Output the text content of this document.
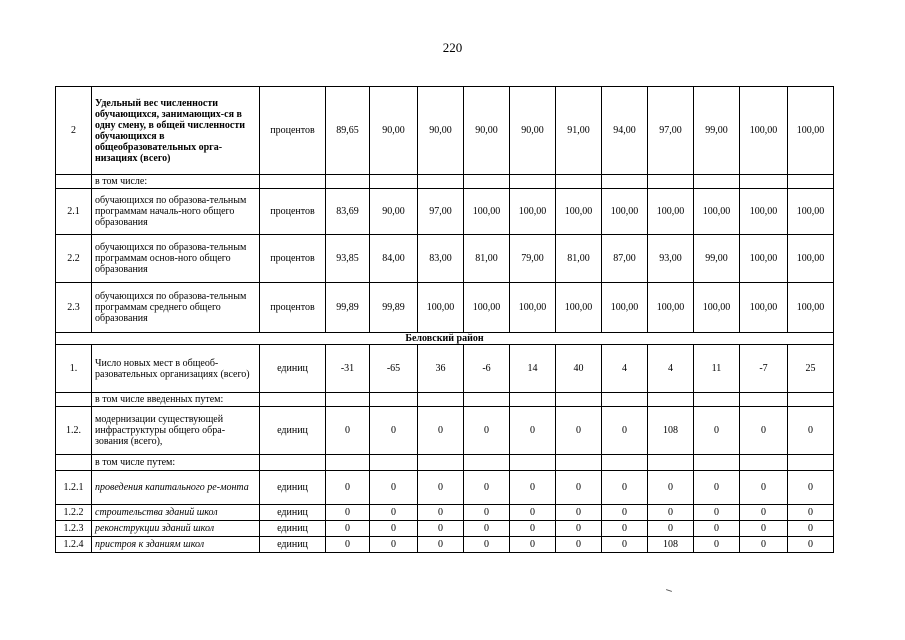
220
2	Удельный вес численности обучающихся, занимающих-ся в одну смену, в общей численности обучающихся в общеобразовательных орга-низациях (всего)	процентов	89,65	90,00	90,00	90,00	90,00	91,00	94,00	97,00	99,00	100,00	100,00
	в том числе:												
2.1	обучающихся по образова-тельным программам началь-ного общего образования	процентов	83,69	90,00	97,00	100,00	100,00	100,00	100,00	100,00	100,00	100,00	100,00
2.2	обучающихся по образова-тельным программам основ-ного общего образования	процентов	93,85	84,00	83,00	81,00	79,00	81,00	87,00	93,00	99,00	100,00	100,00
2.3	обучающихся по образова-тельным программам среднего общего образования	процентов	99,89	99,89	100,00	100,00	100,00	100,00	100,00	100,00	100,00	100,00	100,00
Беловский район													
1.	Число новых мест в общеоб-разовательных организациях (всего)	единиц	-31	-65	36	-6	14	40	4	4	11	-7	25
	в том числе введенных путем:												
1.2.	модернизации существующей инфраструктуры общего обра-зования (всего),	единиц	0	0	0	0	0	0	0	108	0	0	0
	в том числе путем:												
1.2.1	проведения капитального ре-монта	единиц	0	0	0	0	0	0	0	0	0	0	0
1.2.2	строительства зданий школ	единиц	0	0	0	0	0	0	0	0	0	0	0
1.2.3	реконструкции зданий школ	единиц	0	0	0	0	0	0	0	0	0	0	0
1.2.4	пристроя к зданиям школ	единиц	0	0	0	0	0	0	0	108	0	0	0
